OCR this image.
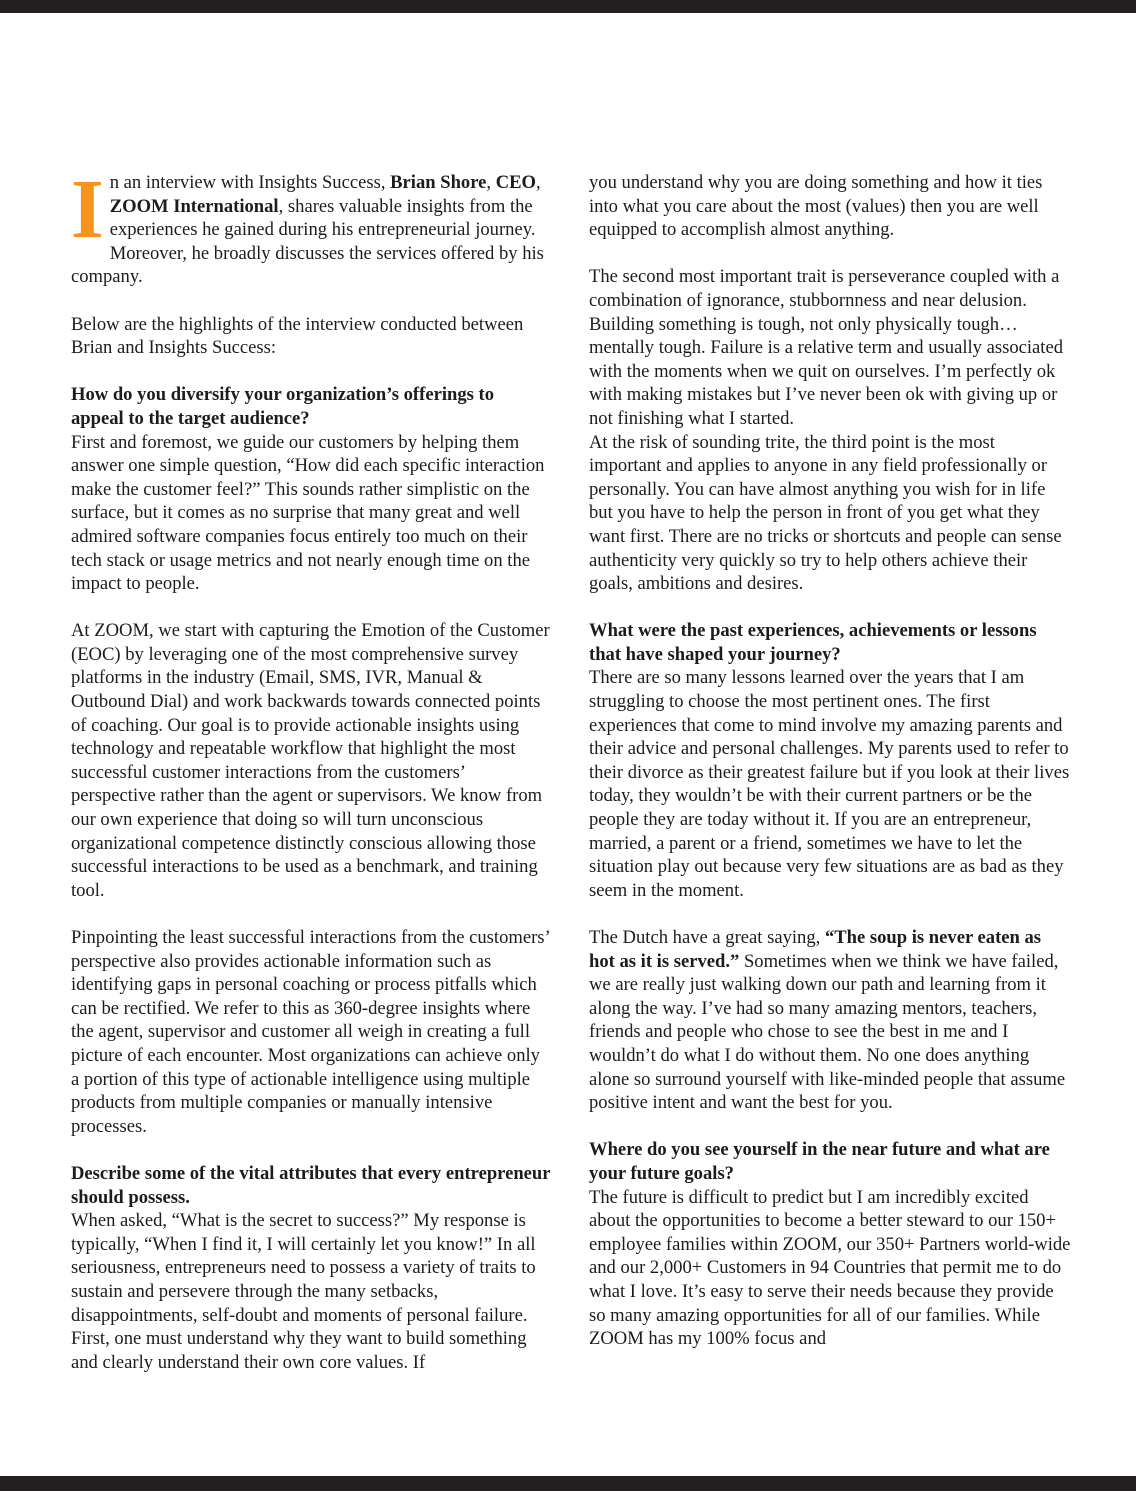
In an interview with Insights Success, Brian Shore, CEO, ZOOM International, shares valuable insights from the experiences he gained during his entrepreneurial journey. Moreover, he broadly discusses the services offered by his company.

Below are the highlights of the interview conducted between Brian and Insights Success:

How do you diversify your organization’s offerings to appeal to the target audience?

First and foremost, we guide our customers by helping them answer one simple question, “How did each specific interaction make the customer feel?” This sounds rather simplistic on the surface, but it comes as no surprise that many great and well admired software companies focus entirely too much on their tech stack or usage metrics and not nearly enough time on the impact to people.

At ZOOM, we start with capturing the Emotion of the Customer (EOC) by leveraging one of the most comprehensive survey platforms in the industry (Email, SMS, IVR, Manual & Outbound Dial) and work backwards towards connected points of coaching. Our goal is to provide actionable insights using technology and repeatable workflow that highlight the most successful customer interactions from the customers’ perspective rather than the agent or supervisors. We know from our own experience that doing so will turn unconscious organizational competence distinctly conscious allowing those successful interactions to be used as a benchmark, and training tool.

Pinpointing the least successful interactions from the customers’ perspective also provides actionable information such as identifying gaps in personal coaching or process pitfalls which can be rectified. We refer to this as 360-degree insights where the agent, supervisor and customer all weigh in creating a full picture of each encounter. Most organizations can achieve only a portion of this type of actionable intelligence using multiple products from multiple companies or manually intensive processes.

Describe some of the vital attributes that every entrepreneur should possess.

When asked, “What is the secret to success?” My response is typically, “When I find it, I will certainly let you know!” In all seriousness, entrepreneurs need to possess a variety of traits to sustain and persevere through the many setbacks, disappointments, self-doubt and moments of personal failure. First, one must understand why they want to build something and clearly understand their own core values. If

you understand why you are doing something and how it ties into what you care about the most (values) then you are well equipped to accomplish almost anything.

The second most important trait is perseverance coupled with a combination of ignorance, stubbornness and near delusion. Building something is tough, not only physically tough… mentally tough. Failure is a relative term and usually associated with the moments when we quit on ourselves. I’m perfectly ok with making mistakes but I’ve never been ok with giving up or not finishing what I started.

At the risk of sounding trite, the third point is the most important and applies to anyone in any field professionally or personally. You can have almost anything you wish for in life but you have to help the person in front of you get what they want first. There are no tricks or shortcuts and people can sense authenticity very quickly so try to help others achieve their goals, ambitions and desires.

What were the past experiences, achievements or lessons that have shaped your journey?

There are so many lessons learned over the years that I am struggling to choose the most pertinent ones. The first experiences that come to mind involve my amazing parents and their advice and personal challenges. My parents used to refer to their divorce as their greatest failure but if you look at their lives today, they wouldn’t be with their current partners or be the people they are today without it. If you are an entrepreneur, married, a parent or a friend, sometimes we have to let the situation play out because very few situations are as bad as they seem in the moment.

The Dutch have a great saying, “The soup is never eaten as hot as it is served.” Sometimes when we think we have failed, we are really just walking down our path and learning from it along the way. I’ve had so many amazing mentors, teachers, friends and people who chose to see the best in me and I wouldn’t do what I do without them. No one does anything alone so surround yourself with like-minded people that assume positive intent and want the best for you.

Where do you see yourself in the near future and what are your future goals?

The future is difficult to predict but I am incredibly excited about the opportunities to become a better steward to our 150+ employee families within ZOOM, our 350+ Partners world-wide and our 2,000+ Customers in 94 Countries that permit me to do what I love. It’s easy to serve their needs because they provide so many amazing opportunities for all of our families. While ZOOM has my 100% focus and
